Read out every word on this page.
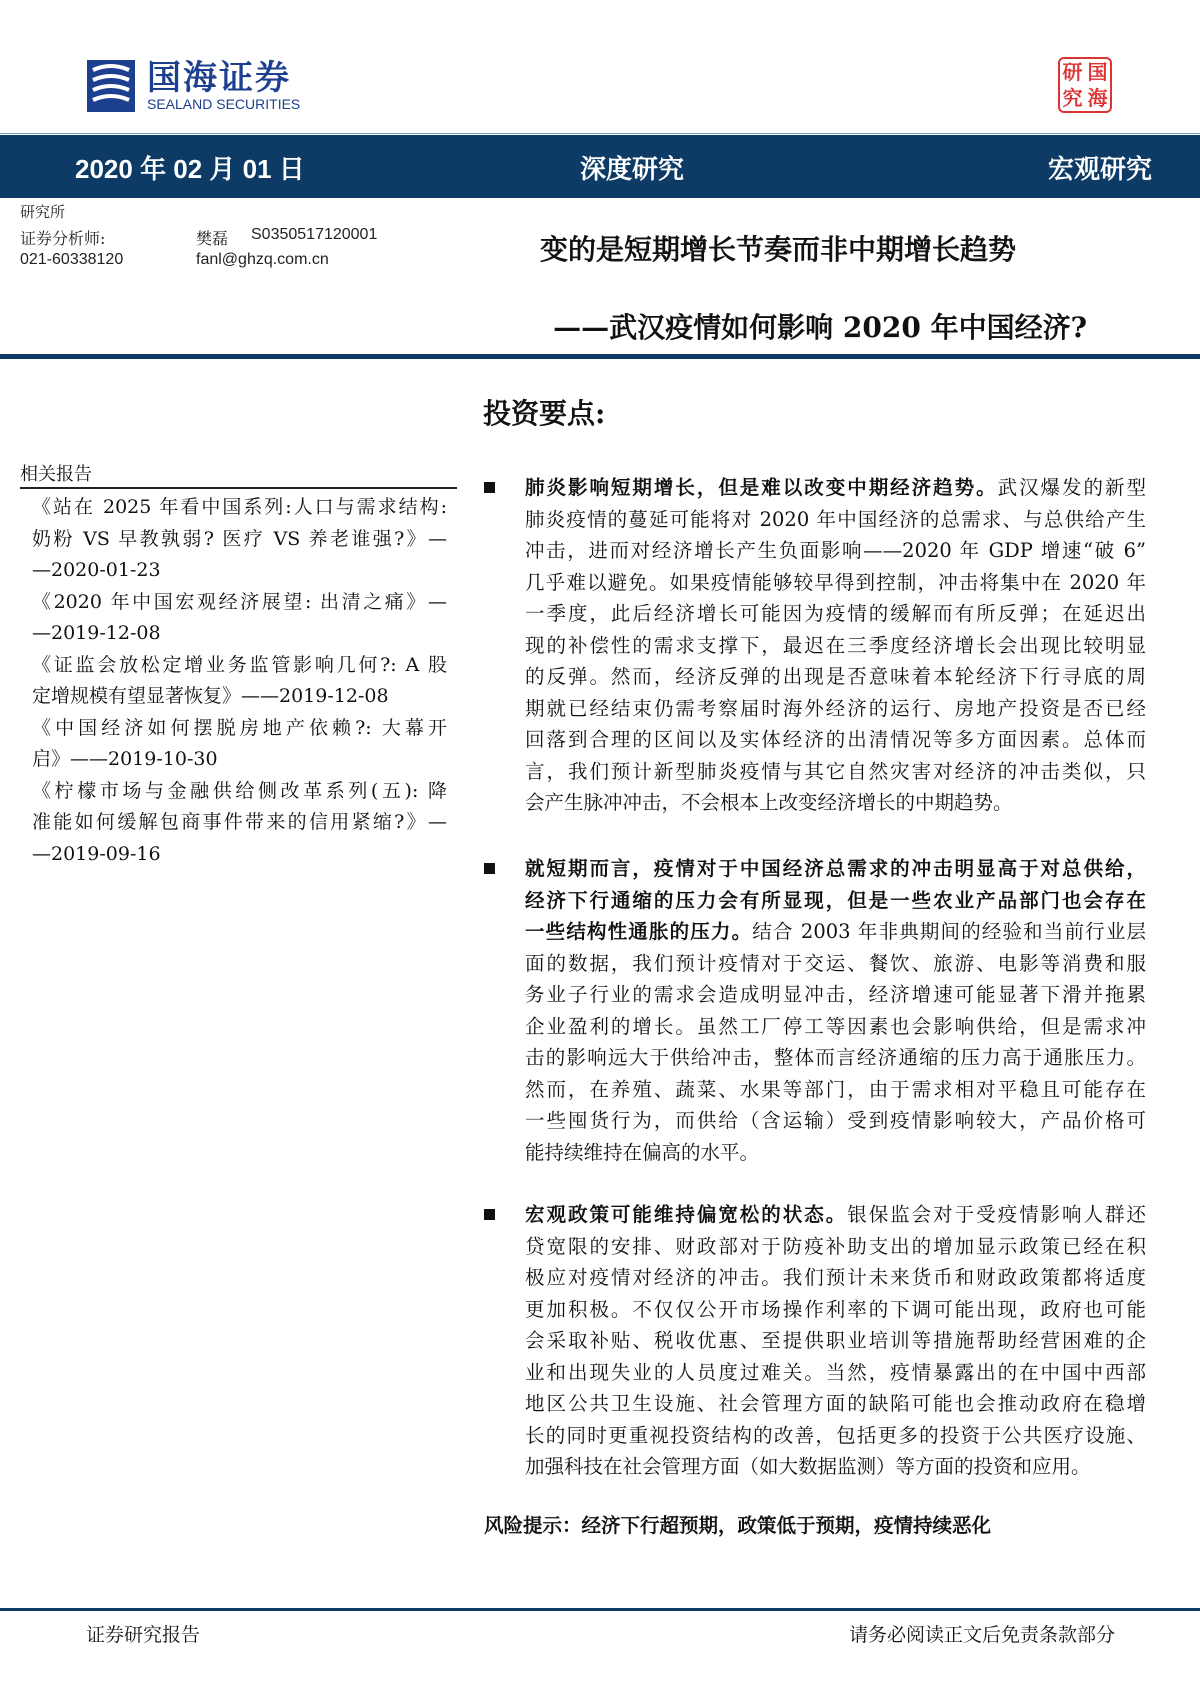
国海证券
SEALAND SECURITIES
研 国
究 海
2020 年 02 月 01 日	深度研究	宏观研究
研究所
证券分析师:	樊磊 S0350517120001
021-60338120	fanl@ghzq.com.cn	变的是短期增长节奏而非中期增长趋势
——武汉疫情如何影响 2020 年中国经济?
投资要点:
相关报告
《站在 2025 年看中国系列:人口与需求结构:
奶粉 VS 早教孰弱? 医疗 VS 养老谁强?》—
—2020-01-23
《2020 年中国宏观经济展望: 出清之痛》—
—2019-12-08
《证监会放松定增业务监管影响几何?: A 股
定增规模有望显著恢复》——2019-12-08
《中国经济如何摆脱房地产依赖?: 大幕开
启》——2019-10-30
《柠檬市场与金融供给侧改革系列(五): 降
准能如何缓解包商事件带来的信用紧缩?》—
—2019-09-16
肺炎影响短期增长，但是难以改变中期经济趋势。武汉爆发的新型
肺炎疫情的蔓延可能将对 2020 年中国经济的总需求、与总供给产生
冲击，进而对经济增长产生负面影响——2020 年 GDP 增速“破 6”
几乎难以避免。如果疫情能够较早得到控制，冲击将集中在 2020 年
一季度，此后经济增长可能因为疫情的缓解而有所反弹；在延迟出
现的补偿性的需求支撑下，最迟在三季度经济增长会出现比较明显
的反弹。然而，经济反弹的出现是否意味着本轮经济下行寻底的周
期就已经结束仍需考察届时海外经济的运行、房地产投资是否已经
回落到合理的区间以及实体经济的出清情况等多方面因素。总体而
言，我们预计新型肺炎疫情与其它自然灾害对经济的冲击类似，只
会产生脉冲冲击，不会根本上改变经济增长的中期趋势。
就短期而言，疫情对于中国经济总需求的冲击明显高于对总供给，
经济下行通缩的压力会有所显现，但是一些农业产品部门也会存在
一些结构性通胀的压力。结合 2003 年非典期间的经验和当前行业层
面的数据，我们预计疫情对于交运、餐饮、旅游、电影等消费和服
务业子行业的需求会造成明显冲击，经济增速可能显著下滑并拖累
企业盈利的增长。虽然工厂停工等因素也会影响供给，但是需求冲
击的影响远大于供给冲击，整体而言经济通缩的压力高于通胀压力。
然而，在养殖、蔬菜、水果等部门，由于需求相对平稳且可能存在
一些囤货行为，而供给（含运输）受到疫情影响较大，产品价格可
能持续维持在偏高的水平。
宏观政策可能维持偏宽松的状态。银保监会对于受疫情影响人群还
贷宽限的安排、财政部对于防疫补助支出的增加显示政策已经在积
极应对疫情对经济的冲击。我们预计未来货币和财政政策都将适度
更加积极。不仅仅公开市场操作利率的下调可能出现，政府也可能
会采取补贴、税收优惠、至提供职业培训等措施帮助经营困难的企
业和出现失业的人员度过难关。当然，疫情暴露出的在中国中西部
地区公共卫生设施、社会管理方面的缺陷可能也会推动政府在稳增
长的同时更重视投资结构的改善，包括更多的投资于公共医疗设施、
加强科技在社会管理方面（如大数据监测）等方面的投资和应用。
风险提示：经济下行超预期，政策低于预期，疫情持续恶化
证券研究报告	请务必阅读正文后免责条款部分
